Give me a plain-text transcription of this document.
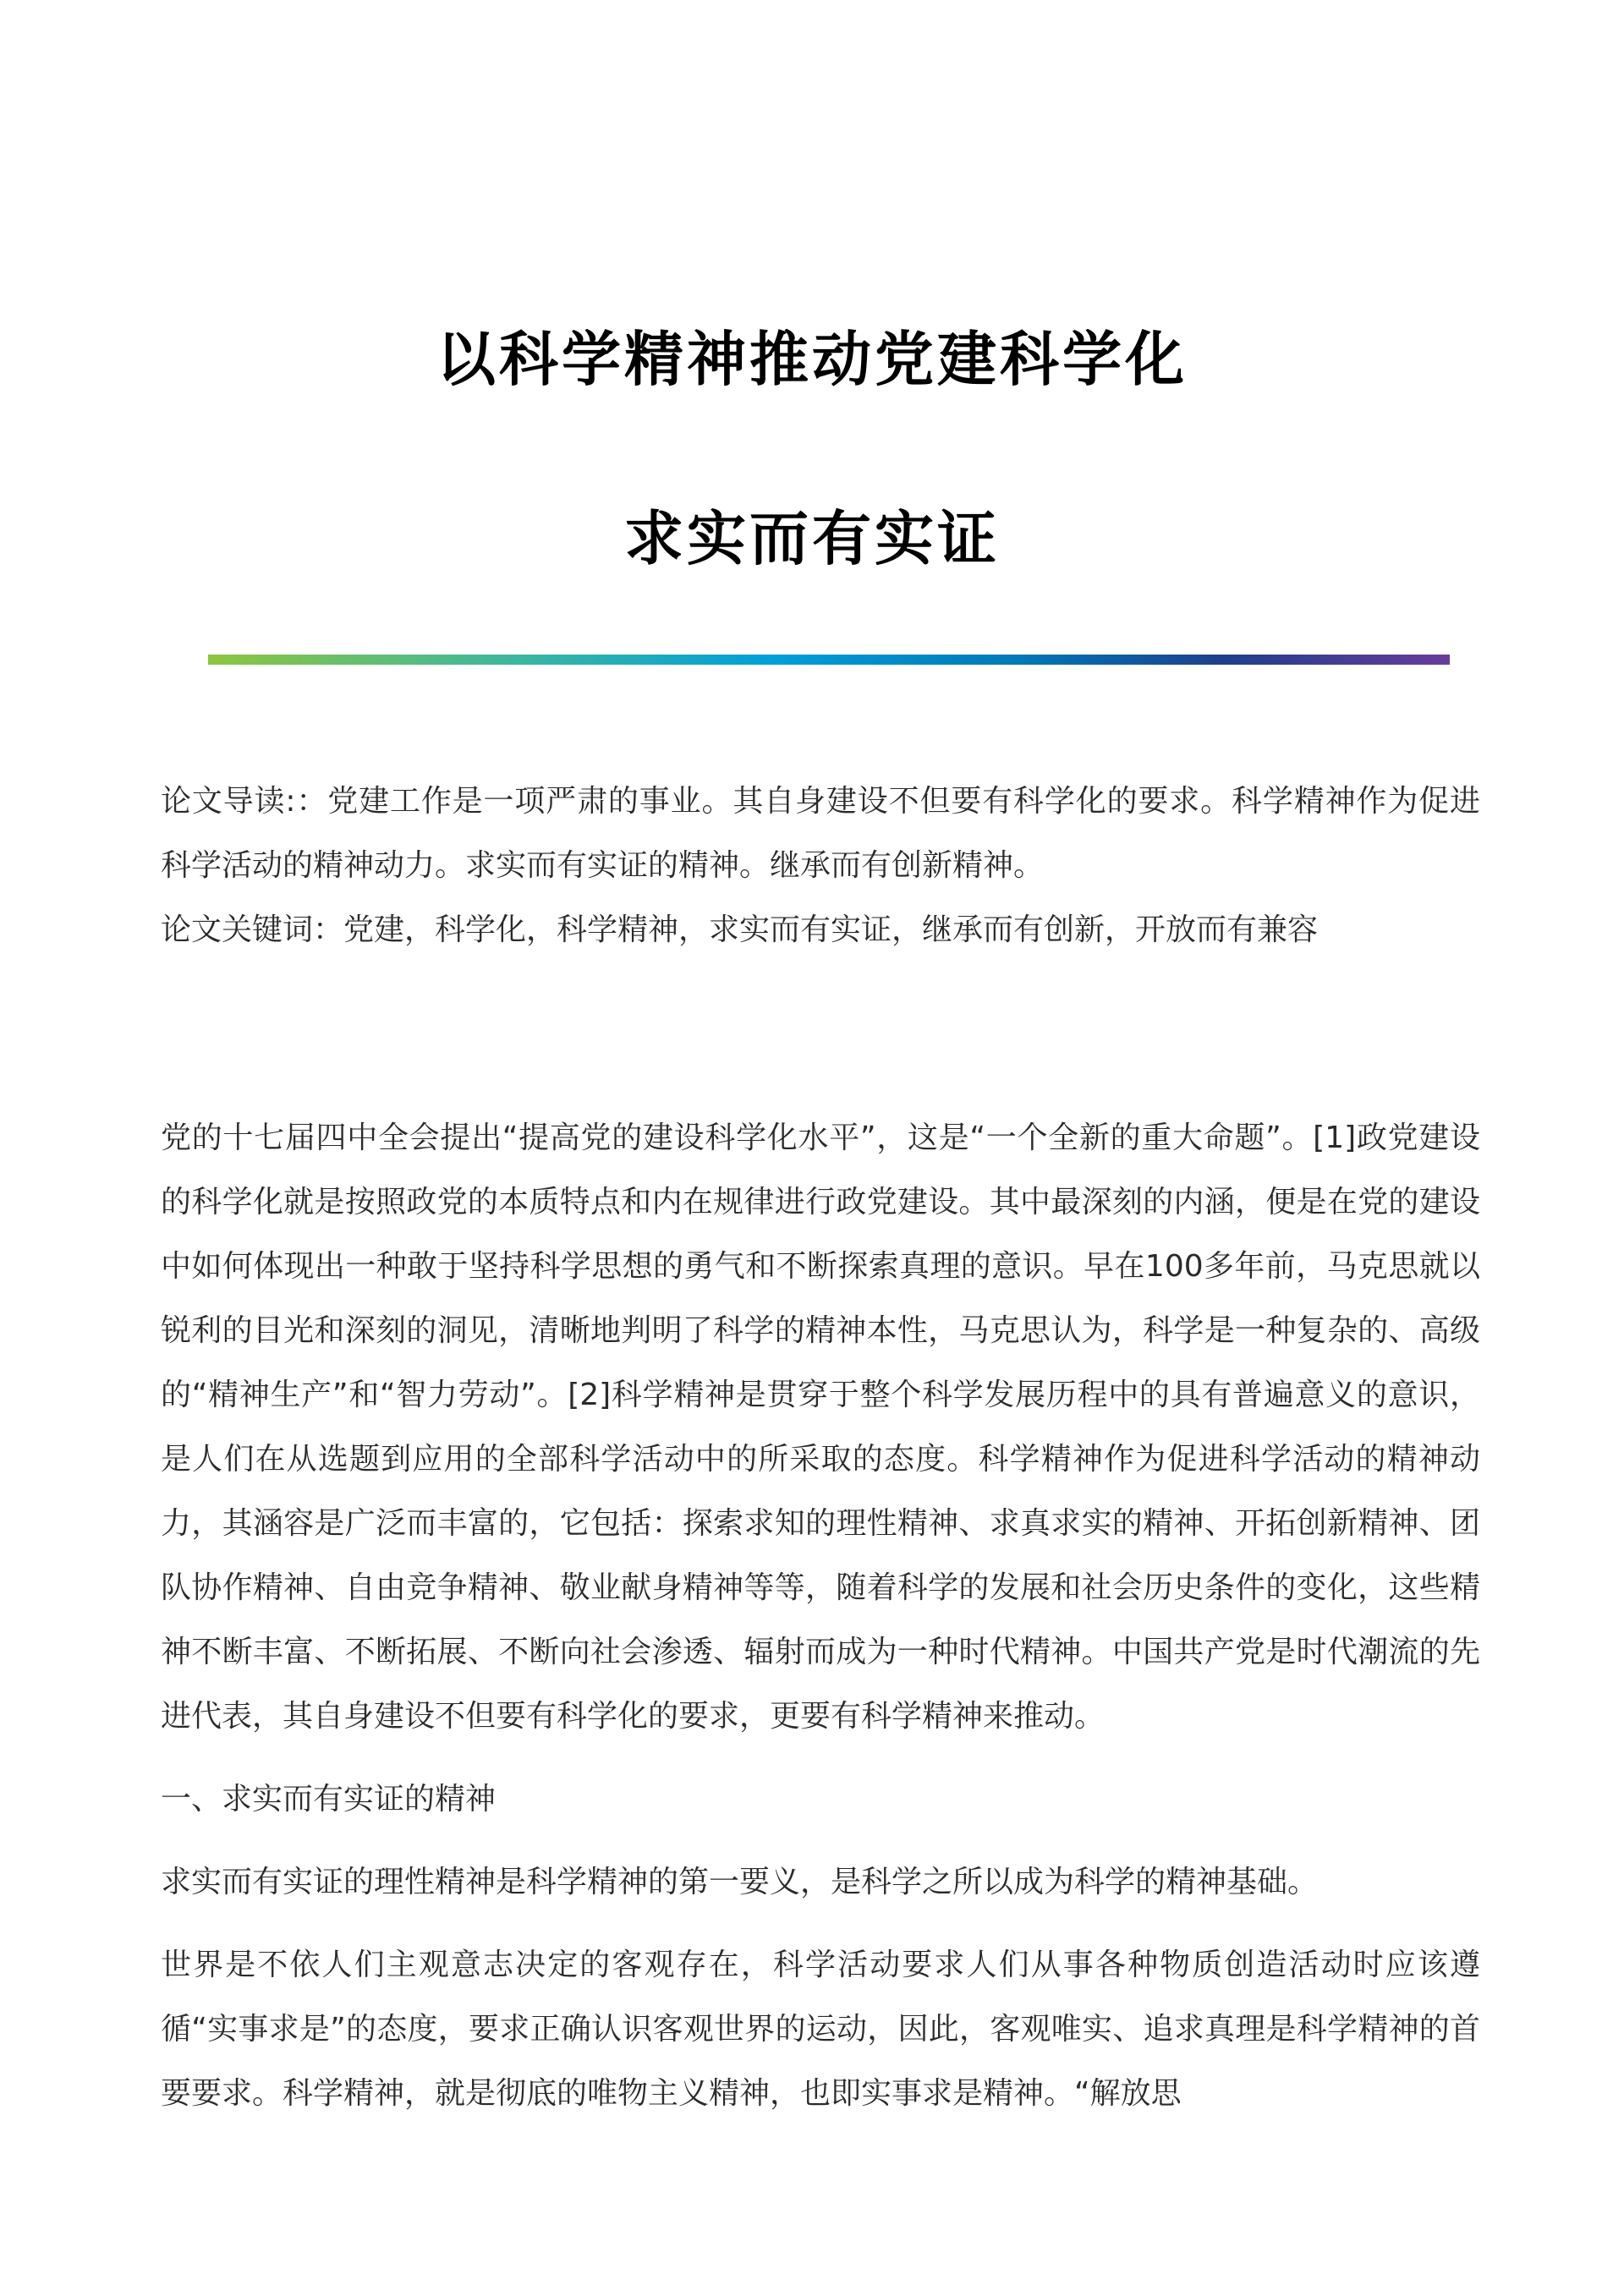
以科学精神推动党建科学化
求实而有实证

论文导读:：党建工作是一项严肃的事业。其自身建设不但要有科学化的要求。科学精神作为促进科学活动的精神动力。求实而有实证的精神。继承而有创新精神。

论文关键词：党建，科学化，科学精神，求实而有实证，继承而有创新，开放而有兼容

党的十七届四中全会提出“提高党的建设科学化水平”，这是“一个全新的重大命题”。[1]政党建设的科学化就是按照政党的本质特点和内在规律进行政党建设。其中最深刻的内涵，便是在党的建设中如何体现出一种敢于坚持科学思想的勇气和不断探索真理的意识。早在100多年前，马克思就以锐利的目光和深刻的洞见，清晰地判明了科学的精神本性，马克思认为，科学是一种复杂的、高级的“精神生产”和“智力劳动”。[2]科学精神是贯穿于整个科学发展历程中的具有普遍意义的意识，是人们在从选题到应用的全部科学活动中的所采取的态度。科学精神作为促进科学活动的精神动力，其涵容是广泛而丰富的，它包括：探索求知的理性精神、求真求实的精神、开拓创新精神、团队协作精神、自由竞争精神、敬业献身精神等等，随着科学的发展和社会历史条件的变化，这些精神不断丰富、不断拓展、不断向社会渗透、辐射而成为一种时代精神。中国共产党是时代潮流的先进代表，其自身建设不但要有科学化的要求，更要有科学精神来推动。

一、求实而有实证的精神

求实而有实证的理性精神是科学精神的第一要义，是科学之所以成为科学的精神基础。

世界是不依人们主观意志决定的客观存在，科学活动要求人们从事各种物质创造活动时应该遵循“实事求是”的态度，要求正确认识客观世界的运动，因此，客观唯实、追求真理是科学精神的首要要求。科学精神，就是彻底的唯物主义精神，也即实事求是精神。“解放思
